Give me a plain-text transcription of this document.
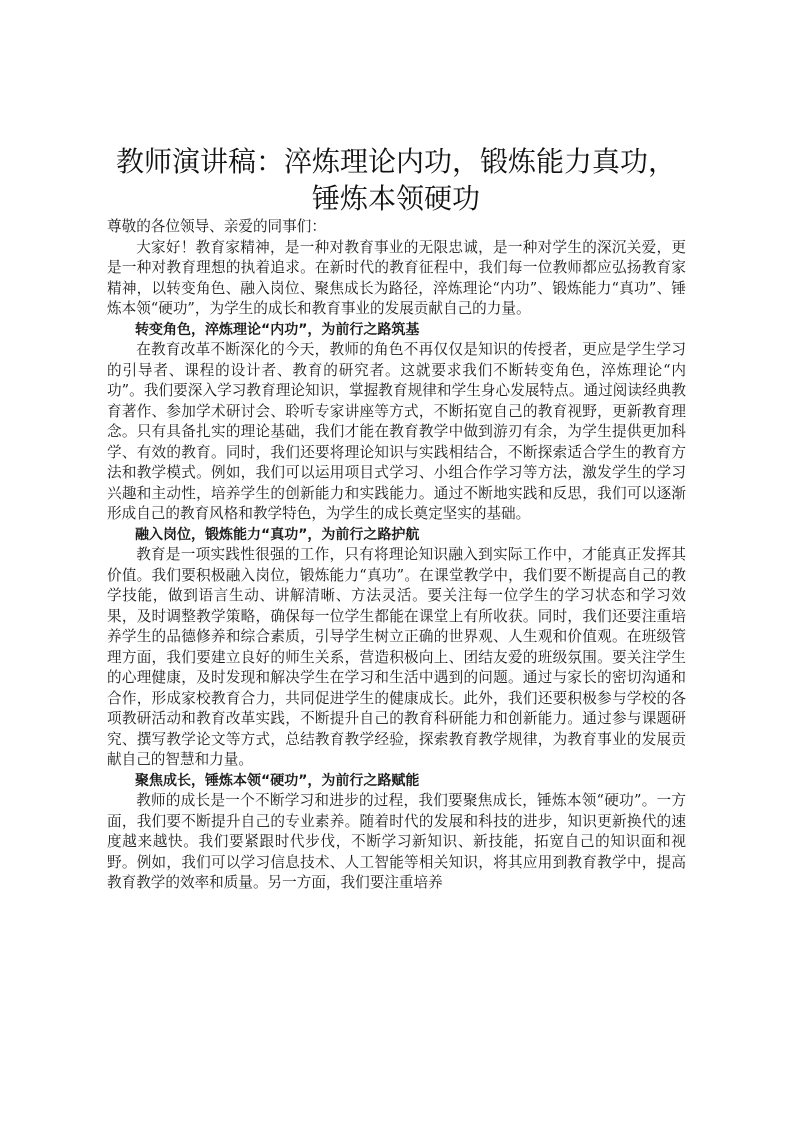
教师演讲稿：淬炼理论内功，锻炼能力真功，
锤炼本领硬功

尊敬的各位领导、亲爱的同事们：

大家好！教育家精神，是一种对教育事业的无限忠诚，是一种对学生的深沉关爱，更是一种对教育理想的执着追求。在新时代的教育征程中，我们每一位教师都应弘扬教育家精神，以转变角色、融入岗位、聚焦成长为路径，淬炼理论“内功”、锻炼能力“真功”、锤炼本领“硬功”，为学生的成长和教育事业的发展贡献自己的力量。

转变角色，淬炼理论“内功”，为前行之路筑基

在教育改革不断深化的今天，教师的角色不再仅仅是知识的传授者，更应是学生学习的引导者、课程的设计者、教育的研究者。这就要求我们不断转变角色，淬炼理论“内功”。我们要深入学习教育理论知识，掌握教育规律和学生身心发展特点。通过阅读经典教育著作、参加学术研讨会、聆听专家讲座等方式，不断拓宽自己的教育视野，更新教育理念。只有具备扎实的理论基础，我们才能在教育教学中做到游刃有余，为学生提供更加科学、有效的教育。同时，我们还要将理论知识与实践相结合，不断探索适合学生的教育方法和教学模式。例如，我们可以运用项目式学习、小组合作学习等方法，激发学生的学习兴趣和主动性，培养学生的创新能力和实践能力。通过不断地实践和反思，我们可以逐渐形成自己的教育风格和教学特色，为学生的成长奠定坚实的基础。

融入岗位，锻炼能力“真功”，为前行之路护航

教育是一项实践性很强的工作，只有将理论知识融入到实际工作中，才能真正发挥其价值。我们要积极融入岗位，锻炼能力“真功”。在课堂教学中，我们要不断提高自己的教学技能，做到语言生动、讲解清晰、方法灵活。要关注每一位学生的学习状态和学习效果，及时调整教学策略，确保每一位学生都能在课堂上有所收获。同时，我们还要注重培养学生的品德修养和综合素质，引导学生树立正确的世界观、人生观和价值观。在班级管理方面，我们要建立良好的师生关系，营造积极向上、团结友爱的班级氛围。要关注学生的心理健康，及时发现和解决学生在学习和生活中遇到的问题。通过与家长的密切沟通和合作，形成家校教育合力，共同促进学生的健康成长。此外，我们还要积极参与学校的各项教研活动和教育改革实践，不断提升自己的教育科研能力和创新能力。通过参与课题研究、撰写教学论文等方式，总结教育教学经验，探索教育教学规律，为教育事业的发展贡献自己的智慧和力量。

聚焦成长，锤炼本领“硬功”，为前行之路赋能

教师的成长是一个不断学习和进步的过程，我们要聚焦成长，锤炼本领“硬功”。一方面，我们要不断提升自己的专业素养。随着时代的发展和科技的进步，知识更新换代的速度越来越快。我们要紧跟时代步伐，不断学习新知识、新技能，拓宽自己的知识面和视野。例如，我们可以学习信息技术、人工智能等相关知识，将其应用到教育教学中，提高教育教学的效率和质量。另一方面，我们要注重培养
